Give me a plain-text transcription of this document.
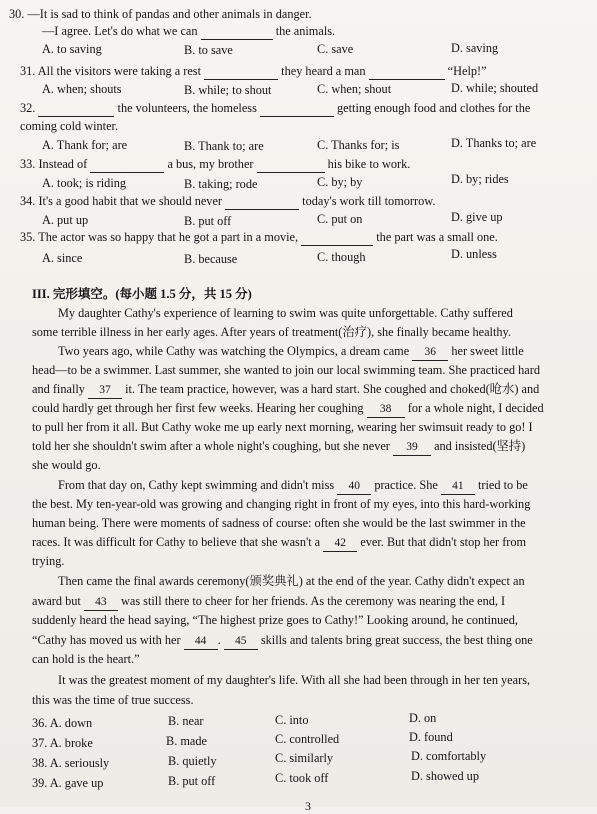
30. —It is sad to think of pandas and other animals in danger.
—I agree. Let's do what we can	the animals.
A. to saving	B. to save	C. save	D. saving
31. All the visitors were taking a rest	they heard a man	“Help!”
A. when; shouts	B. while; to shout	C. when; shout	D. while; shouted
32.	the volunteers, the homeless	getting enough food and clothes for the
coming cold winter.
A. Thank for; are	B. Thank to; are	C. Thanks for; is	D. Thanks to; are
33. Instead of	a bus, my brother	his bike to work.
A. took; is riding	B. taking; rode	C. by; by	D. by; rides
34. It's a good habit that we should never	today's work till tomorrow.
A. put up	B. put off	C. put on	D. give up
35. The actor was so happy that he got a part in a movie,	the part was a small one.
A. since	B. because	C. though	D. unless
III. 完形填空。(每小题 1.5 分，共 15 分)
My daughter Cathy's experience of learning to swim was quite unforgettable. Cathy suffered
some terrible illness in her early ages. After years of treatment(治疗), she finally became healthy.
Two years ago, while Cathy was watching the Olympics, a dream came 36 her sweet little
head—to be a swimmer. Last summer, she wanted to join our local swimming team. She practiced hard
and finally 37 it. The team practice, however, was a hard start. She coughed and choked(呛水) and
could hardly get through her first few weeks. Hearing her coughing 38 for a whole night, I decided
to pull her from it all. But Cathy woke me up early next morning, wearing her swimsuit ready to go! I
told her she shouldn't swim after a whole night's coughing, but she never 39 and insisted(坚持)
she would go.
From that day on, Cathy kept swimming and didn't miss 40 practice. She 41 tried to be
the best. My ten-year-old was growing and changing right in front of my eyes, into this hard-working
human being. There were moments of sadness of course: often she would be the last swimmer in the
races. It was difficult for Cathy to believe that she wasn't a 42 ever. But that didn't stop her from
trying.
Then came the final awards ceremony(颁奖典礼) at the end of the year. Cathy didn't expect an
award but 43 was still there to cheer for her friends. As the ceremony was nearing the end, I
suddenly heard the head saying, “The highest prize goes to Cathy!” Looking around, he continued,
“Cathy has moved us with her 44 . 45 skills and talents bring great success, the best thing one
can hold is the heart.”
It was the greatest moment of my daughter's life. With all she had been through in her ten years,
this was the time of true success.
36. A. down	B. near	C. into	D. on
37. A. broke	B. made	C. controlled	D. found
38. A. seriously	B. quietly	C. similarly	D. comfortably
39. A. gave up	B. put off	C. took off	D. showed up
3
